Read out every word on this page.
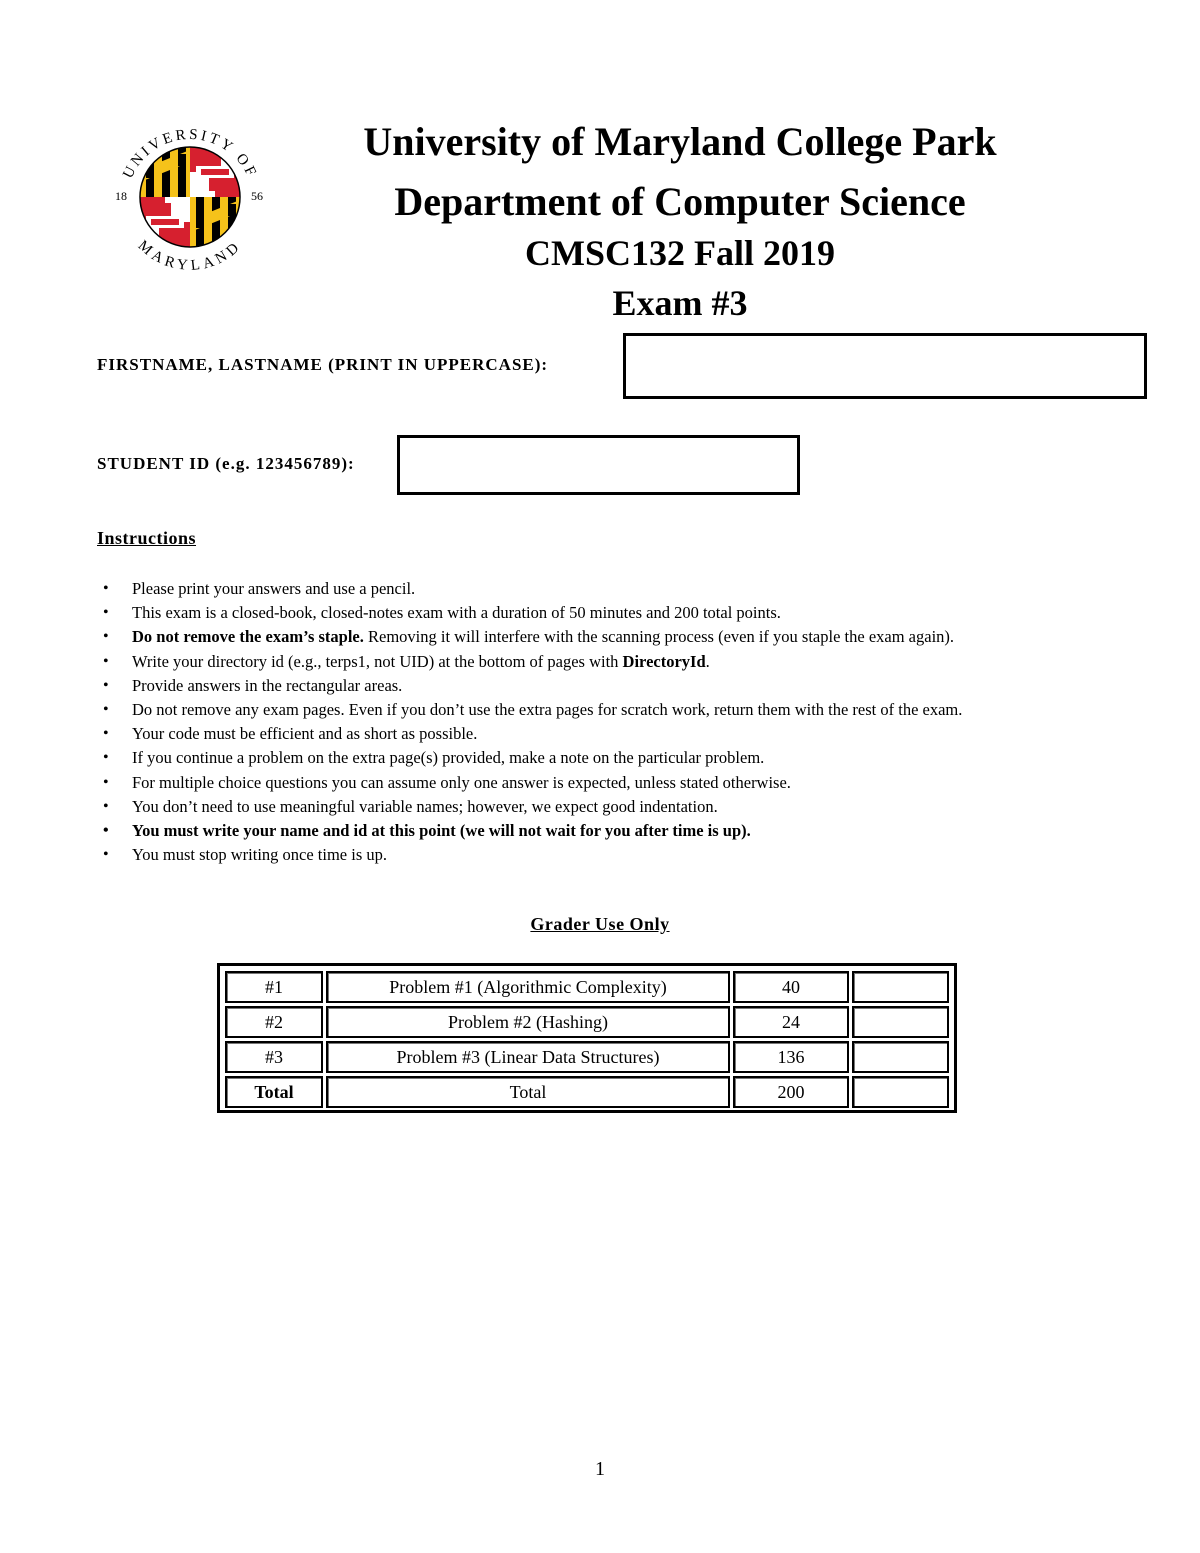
UNIVERSITY OF
MARYLAND
18	56
University of Maryland College Park
Department of Computer Science
CMSC132 Fall 2019
Exam #3
FIRSTNAME, LASTNAME (PRINT IN UPPERCASE):
STUDENT ID (e.g. 123456789):
Instructions
• Please print your answers and use a pencil.
• This exam is a closed-book, closed-notes exam with a duration of 50 minutes and 200 total points.
• Do not remove the exam’s staple. Removing it will interfere with the scanning process (even if you staple the exam again).
• Write your directory id (e.g., terps1, not UID) at the bottom of pages with DirectoryId.
• Provide answers in the rectangular areas.
• Do not remove any exam pages. Even if you don’t use the extra pages for scratch work, return them with the rest of the exam.
• Your code must be efficient and as short as possible.
• If you continue a problem on the extra page(s) provided, make a note on the particular problem.
• For multiple choice questions you can assume only one answer is expected, unless stated otherwise.
• You don’t need to use meaningful variable names; however, we expect good indentation.
• You must write your name and id at this point (we will not wait for you after time is up).
• You must stop writing once time is up.
Grader Use Only
#1	Problem #1 (Algorithmic Complexity)	40	
#2	Problem #2 (Hashing)	24	
#3	Problem #3 (Linear Data Structures)	136	
Total	Total	200	
1
